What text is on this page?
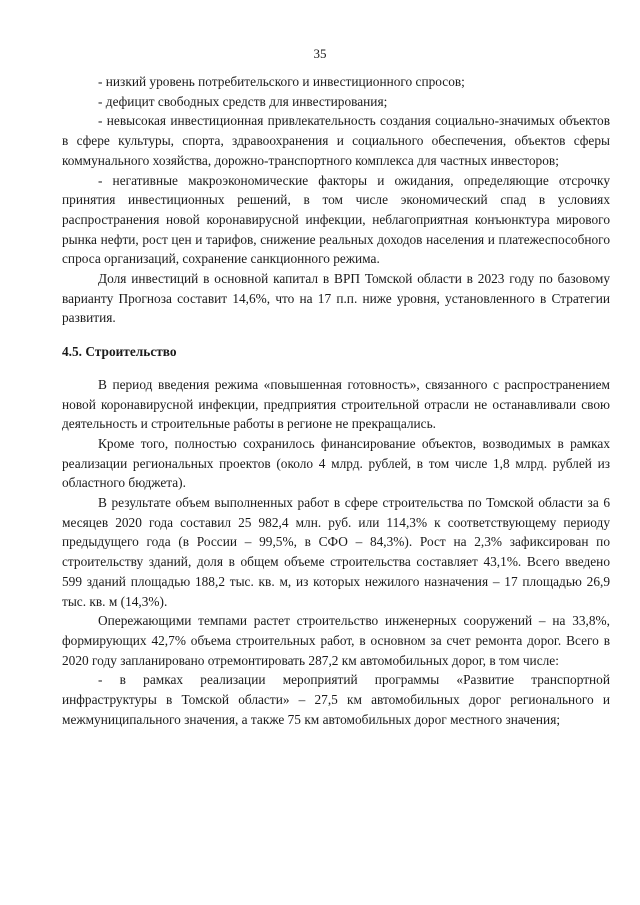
35

- низкий уровень потребительского и инвестиционного спросов;

- дефицит свободных средств для инвестирования;

- невысокая инвестиционная привлекательность создания социально-значимых объектов в сфере культуры, спорта, здравоохранения и социального обеспечения, объектов сферы коммунального хозяйства, дорожно-транспортного комплекса для частных инвесторов;

- негативные макроэкономические факторы и ожидания, определяющие отсрочку принятия инвестиционных решений, в том числе экономический спад в условиях распространения новой коронавирусной инфекции, неблагоприятная конъюнктура мирового рынка нефти, рост цен и тарифов, снижение реальных доходов населения и платежеспособного спроса организаций, сохранение санкционного режима.

Доля инвестиций в основной капитал в ВРП Томской области в 2023 году по базовому варианту Прогноза составит 14,6%, что на 17 п.п. ниже уровня, установленного в Стратегии развития.

4.5. Строительство

В период введения режима «повышенная готовность», связанного с распространением новой коронавирусной инфекции, предприятия строительной отрасли не останавливали свою деятельность и строительные работы в регионе не прекращались.

Кроме того, полностью сохранилось финансирование объектов, возводимых в рамках реализации региональных проектов (около 4 млрд. рублей, в том числе 1,8 млрд. рублей из областного бюджета).

В результате объем выполненных работ в сфере строительства по Томской области за 6 месяцев 2020 года составил 25 982,4 млн. руб. или 114,3% к соответствующему периоду предыдущего года (в России – 99,5%, в СФО – 84,3%). Рост на 2,3% зафиксирован по строительству зданий, доля в общем объеме строительства составляет 43,1%. Всего введено 599 зданий площадью 188,2 тыс. кв. м, из которых нежилого назначения – 17 площадью 26,9 тыс. кв. м (14,3%).

Опережающими темпами растет строительство инженерных сооружений – на 33,8%, формирующих 42,7% объема строительных работ, в основном за счет ремонта дорог. Всего в 2020 году запланировано отремонтировать 287,2 км автомобильных дорог, в том числе:

- в рамках реализации мероприятий программы «Развитие транспортной инфраструктуры в Томской области» – 27,5 км автомобильных дорог регионального и межмуниципального значения, а также 75 км автомобильных дорог местного значения;
